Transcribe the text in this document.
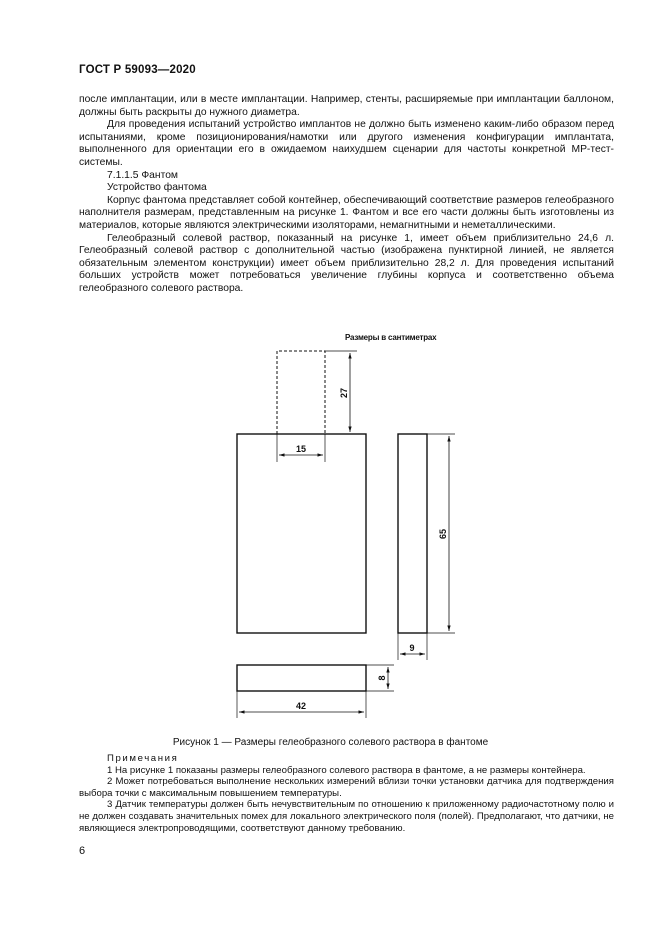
ГОСТ Р 59093—2020

после имплантации, или в месте имплантации. Например, стенты, расширяемые при имплантации баллоном, должны быть раскрыты до нужного диаметра.

Для проведения испытаний устройство имплантов не должно быть изменено каким-либо образом перед испытаниями, кроме позиционирования/намотки или другого изменения конфигурации имплантата, выполненного для ориентации его в ожидаемом наихудшем сценарии для частоты конкретной МР-тест-системы.

7.1.1.5 Фантом

Устройство фантома

Корпус фантома представляет собой контейнер, обеспечивающий соответствие размеров гелеобразного наполнителя размерам, представленным на рисунке 1. Фантом и все его части должны быть изготовлены из материалов, которые являются электрическими изоляторами, немагнитными и неметаллическими.

Гелеобразный солевой раствор, показанный на рисунке 1, имеет объем приблизительно 24,6 л. Гелеобразный солевой раствор с дополнительной частью (изображена пунктирной линией, не является обязательным элементом конструкции) имеет объем приблизительно 28,2 л. Для проведения испытаний больших устройств может потребоваться увеличение глубины корпуса и соответственно объема гелеобразного солевого раствора.

Размеры в сантиметрах
27
15
65
9
8
42
Рисунок 1 — Размеры гелеобразного солевого раствора в фантоме

Примечания

1 На рисунке 1 показаны размеры гелеобразного солевого раствора в фантоме, а не размеры контейнера.

2 Может потребоваться выполнение нескольких измерений вблизи точки установки датчика для подтверждения выбора точки с максимальным повышением температуры.

3 Датчик температуры должен быть нечувствительным по отношению к приложенному радиочастотному полю и не должен создавать значительных помех для локального электрического поля (полей). Предполагают, что датчики, не являющиеся электропроводящими, соответствуют данному требованию.

6
